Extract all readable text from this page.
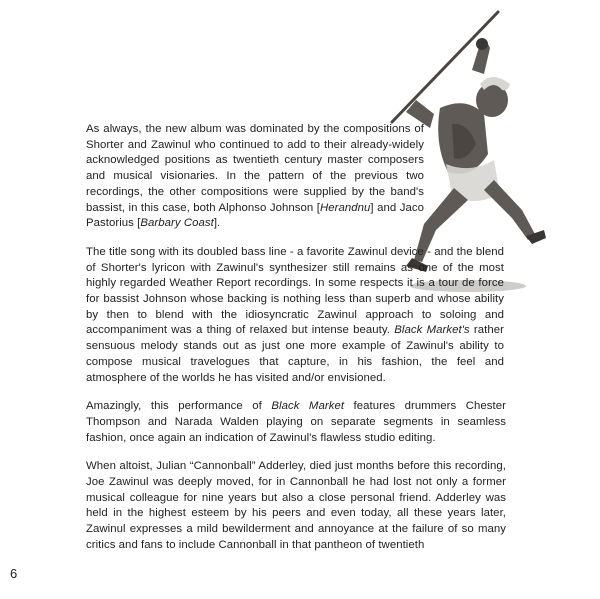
As always, the new album was dominated by the compositions of Shorter and Zawinul who continued to add to their already-widely acknowledged positions as twentieth century master composers and musical visionaries. In the pattern of the previous two recordings, the other compositions were supplied by the band's bassist, in this case, both Alphonso Johnson [Herandnu] and Jaco Pastorius [Barbary Coast].

The title song with its doubled bass line - a favorite Zawinul device - and the blend of Shorter's lyricon with Zawinul's synthesizer still remains as one of the most highly regarded Weather Report recordings. In some respects it is a tour de force for bassist Johnson whose backing is nothing less than superb and whose ability by then to blend with the idiosyncratic Zawinul approach to soloing and accompaniment was a thing of relaxed but intense beauty. Black Market's rather sensuous melody stands out as just one more example of Zawinul's ability to compose musical travelogues that capture, in his fashion, the feel and atmosphere of the worlds he has visited and/or envisioned.

Amazingly, this performance of Black Market features drummers Chester Thompson and Narada Walden playing on separate segments in seamless fashion, once again an indication of Zawinul's flawless studio editing.

When altoist, Julian “Cannonball” Adderley, died just months before this recording, Joe Zawinul was deeply moved, for in Cannonball he had lost not only a former musical colleague for nine years but also a close personal friend. Adderley was held in the highest esteem by his peers and even today, all these years later, Zawinul expresses a mild bewilderment and annoyance at the failure of so many critics and fans to include Cannonball in that pantheon of twentieth

6
